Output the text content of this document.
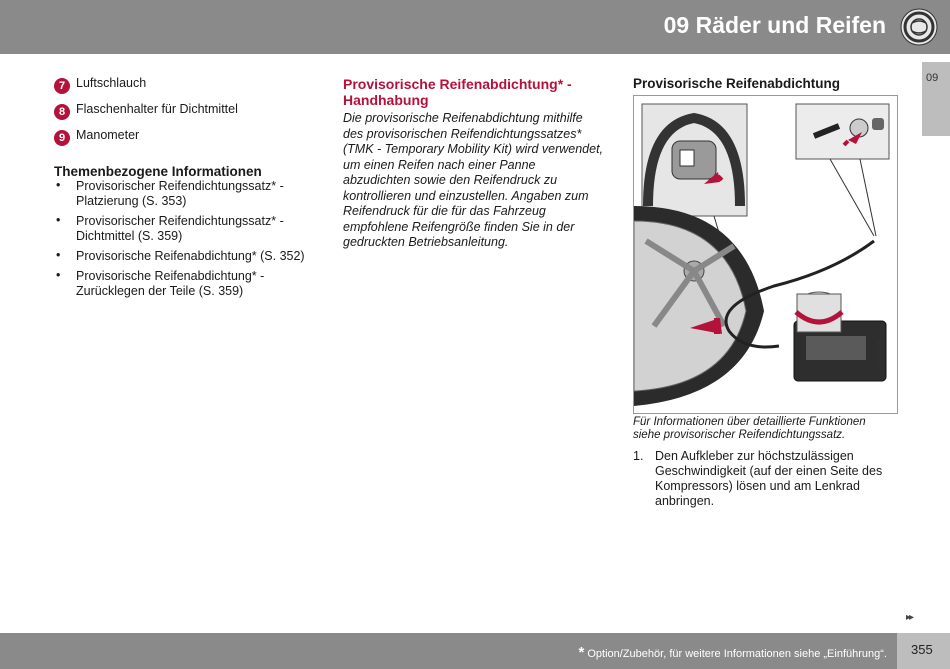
09 Räder und Reifen
09
7 Luftschlauch
8 Flaschenhalter für Dichtmittel
9 Manometer
Themenbezogene Informationen
• Provisorischer Reifendichtungssatz* - Platzierung (S. 353)
• Provisorischer Reifendichtungssatz* - Dichtmittel (S. 359)
• Provisorische Reifenabdichtung* (S. 352)
• Provisorische Reifenabdichtung* - Zurücklegen der Teile (S. 359)
Provisorische Reifenabdichtung* - Handhabung
Die provisorische Reifenabdichtung mithilfe des provisorischen Reifendichtungssatzes* (TMK - Temporary Mobility Kit) wird verwendet, um einen Reifen nach einer Panne abzudichten sowie den Reifendruck zu kontrollieren und einzustellen. Angaben zum Reifendruck für die für das Fahrzeug empfohlene Reifengröße finden Sie in der gedruckten Betriebsanleitung.
Provisorische Reifenabdichtung
G047540
Für Informationen über detaillierte Funktionen siehe provisorischer Reifendichtungssatz.
1. Den Aufkleber zur höchstzulässigen Geschwindigkeit (auf der einen Seite des Kompressors) lösen und am Lenkrad anbringen.
▸▸
* Option/Zubehör, für weitere Informationen siehe „Einführung“. 355
